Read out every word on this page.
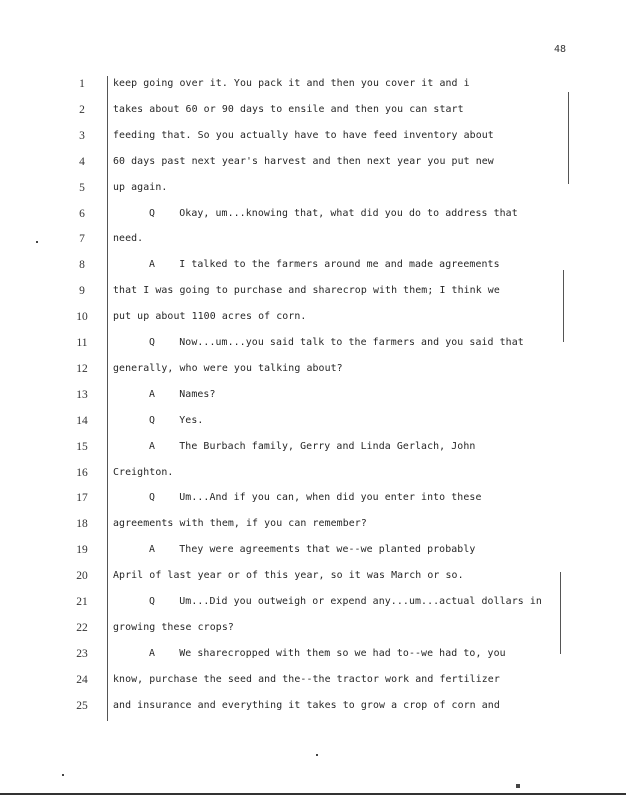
48
1	keep going over it. You pack it and then you cover it and i
2	takes about 60 or 90 days to ensile and then you can start
3	feeding that. So you actually have to have feed inventory about
4	60 days past next year's harvest and then next year you put new
5	up again.
6	Q    Okay, um...knowing that, what did you do to address that
7	need.
8	A    I talked to the farmers around me and made agreements
9	that I was going to purchase and sharecrop with them; I think we
10	put up about 1100 acres of corn.
11	Q    Now...um...you said talk to the farmers and you said that
12	generally, who were you talking about?
13	A    Names?
14	Q    Yes.
15	A    The Burbach family, Gerry and Linda Gerlach, John
16	Creighton.
17	Q    Um...And if you can, when did you enter into these
18	agreements with them, if you can remember?
19	A    They were agreements that we--we planted probably
20	April of last year or of this year, so it was March or so.
21	Q    Um...Did you outweigh or expend any...um...actual dollars in
22	growing these crops?
23	A    We sharecropped with them so we had to--we had to, you
24	know, purchase the seed and the--the tractor work and fertilizer
25	and insurance and everything it takes to grow a crop of corn and
